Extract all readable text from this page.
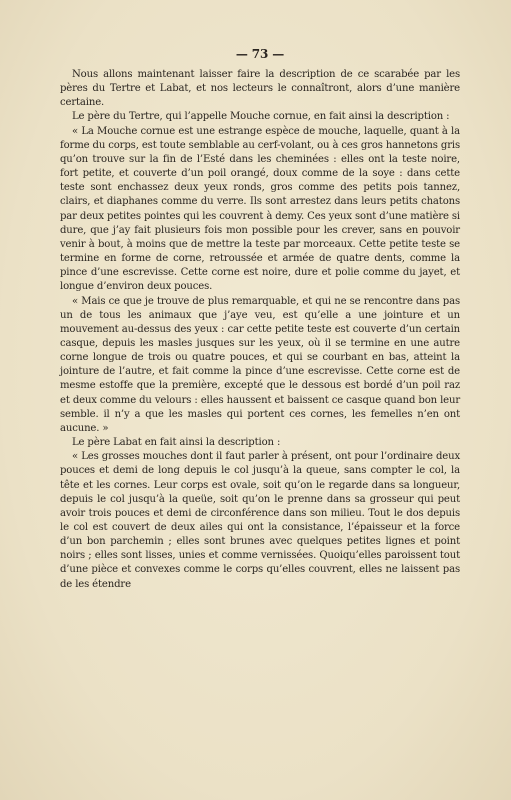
— 73 —

Nous allons maintenant laisser faire la description de ce scarabée par les pères du Tertre et Labat, et nos lecteurs le connaîtront, alors d’une manière certaine.

Le père du Tertre, qui l’appelle Mouche cornue, en fait ainsi la description :

« La Mouche cornue est une estrange espèce de mouche, laquelle, quant à la forme du corps, est toute semblable au cerf-volant, ou à ces gros hannetons gris qu’on trouve sur la fin de l’Esté dans les cheminées : elles ont la teste noire, fort petite, et couverte d’un poil orangé, doux comme de la soye : dans cette teste sont enchassez deux yeux ronds, gros comme des petits pois tannez, clairs, et diaphanes comme du verre. Ils sont arrestez dans leurs petits chatons par deux petites pointes qui les couvrent à demy. Ces yeux sont d’une matière si dure, que j’ay fait plusieurs fois mon possible pour les crever, sans en pouvoir venir à bout, à moins que de mettre la teste par morceaux. Cette petite teste se termine en forme de corne, retroussée et armée de quatre dents, comme la pince d’une escrevisse. Cette corne est noire, dure et polie comme du jayet, et longue d’environ deux pouces.

« Mais ce que je trouve de plus remarquable, et qui ne se rencontre dans pas un de tous les animaux que j’aye veu, est qu’elle a une jointure et un mouvement au-dessus des yeux : car cette petite teste est couverte d’un certain casque, depuis les masles jusques sur les yeux, où il se termine en une autre corne longue de trois ou quatre pouces, et qui se courbant en bas, atteint la jointure de l’autre, et fait comme la pince d’une escrevisse. Cette corne est de mesme estoffe que la première, excepté que le dessous est bordé d’un poil raz et deux comme du velours : elles haussent et baissent ce casque quand bon leur semble. il n’y a que les masles qui portent ces cornes, les femelles n’en ont aucune. »

Le père Labat en fait ainsi la description :

« Les grosses mouches dont il faut parler à présent, ont pour l’ordinaire deux pouces et demi de long depuis le col jusqu’à la queue, sans compter le col, la tête et les cornes. Leur corps est ovale, soit qu’on le regarde dans sa longueur, depuis le col jusqu’à la queüe, soit qu’on le prenne dans sa grosseur qui peut avoir trois pouces et demi de circonférence dans son milieu. Tout le dos depuis le col est couvert de deux ailes qui ont la consistance, l’épaisseur et la force d’un bon parchemin ; elles sont brunes avec quelques petites lignes et point noirs ; elles sont lisses, unies et comme vernissées. Quoiqu’elles paroissent tout d’une pièce et convexes comme le corps qu’elles couvrent, elles ne laissent pas de les étendre
